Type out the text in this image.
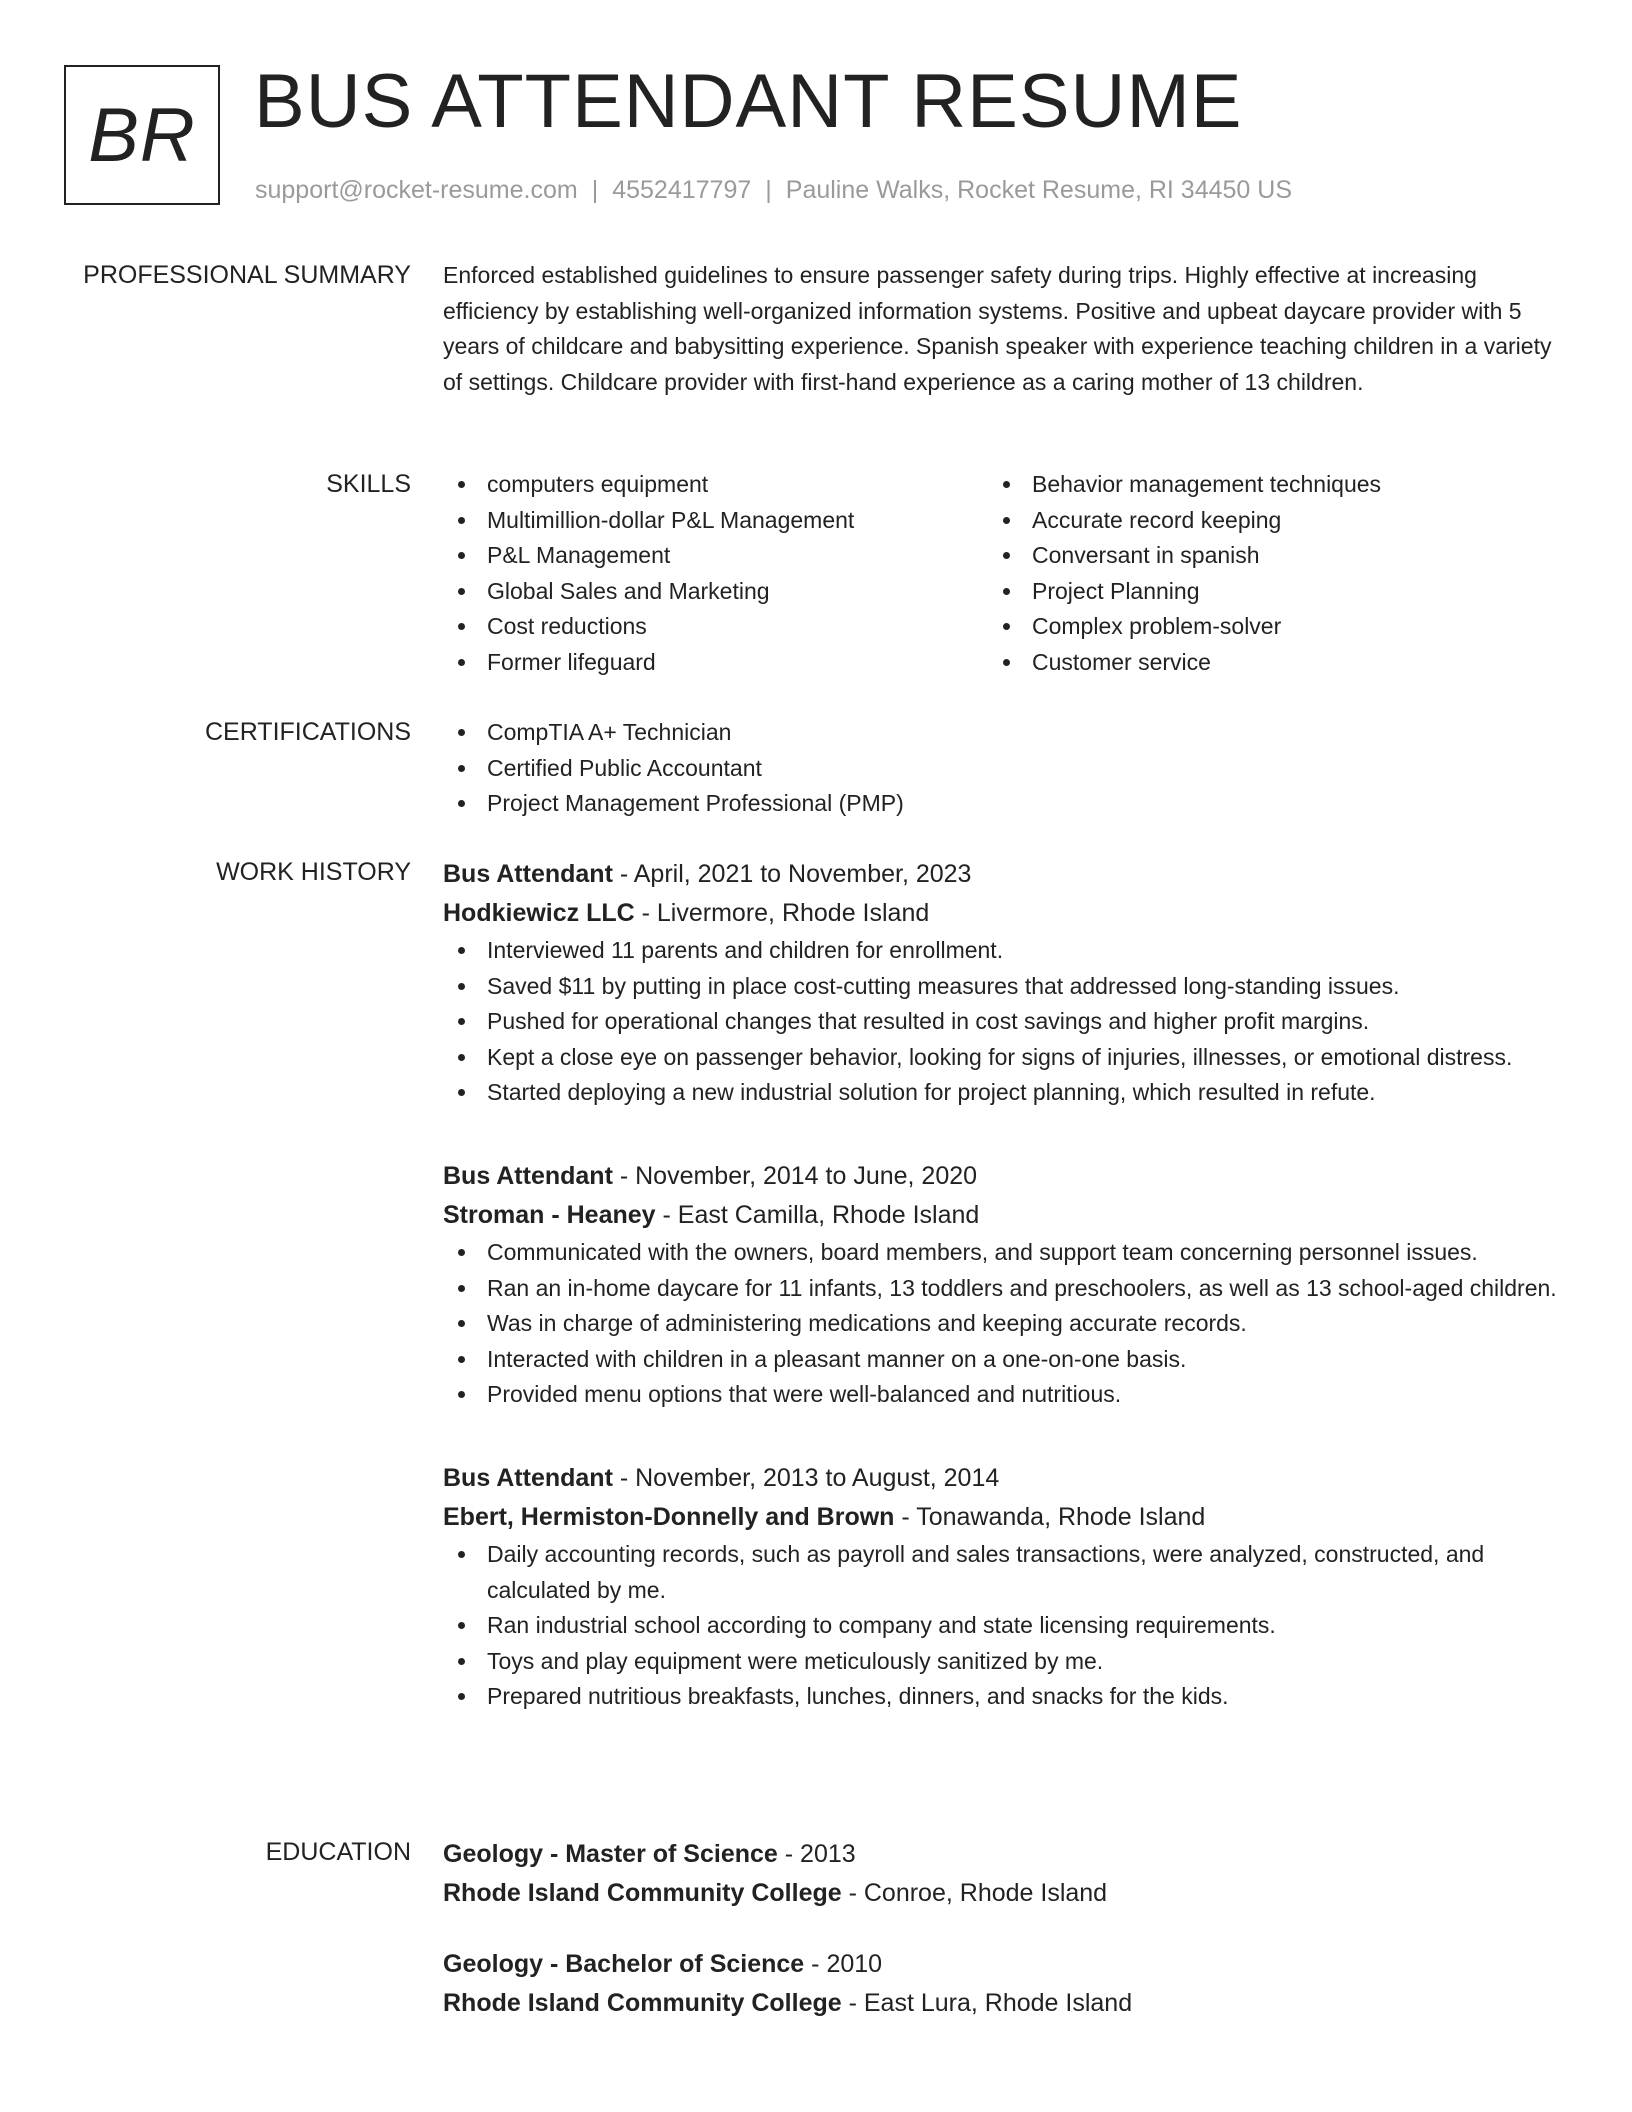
BR BUS ATTENDANT RESUME
support@rocket-resume.com | 4552417797 | Pauline Walks, Rocket Resume, RI 34450 US
PROFESSIONAL SUMMARY Enforced established guidelines to ensure passenger safety during trips. Highly effective at increasing efficiency by establishing well-organized information systems. Positive and upbeat daycare provider with 5 years of childcare and babysitting experience. Spanish speaker with experience teaching children in a variety of settings. Childcare provider with first-hand experience as a caring mother of 13 children.

SKILLS	computers equipment
Multimillion-dollar P&L Management
P&L Management
Global Sales and Marketing
Cost reductions
Former lifeguard
Behavior management techniques
Accurate record keeping
Conversant in spanish
Project Planning
Complex problem-solver
Customer service
CERTIFICATIONS	CompTIA A+ Technician
Certified Public Accountant
Project Management Professional (PMP)
WORK HISTORY Bus Attendant - April, 2021 to November, 2023
Hodkiewicz LLC - Livermore, Rhode Island
Interviewed 11 parents and children for enrollment.
Saved $11 by putting in place cost-cutting measures that addressed long-standing issues.
Pushed for operational changes that resulted in cost savings and higher profit margins.
Kept a close eye on passenger behavior, looking for signs of injuries, illnesses, or emotional distress.
Started deploying a new industrial solution for project planning, which resulted in refute.
Bus Attendant - November, 2014 to June, 2020
Stroman - Heaney - East Camilla, Rhode Island
Communicated with the owners, board members, and support team concerning personnel issues.
Ran an in-home daycare for 11 infants, 13 toddlers and preschoolers, as well as 13 school-aged children.
Was in charge of administering medications and keeping accurate records.
Interacted with children in a pleasant manner on a one-on-one basis.
Provided menu options that were well-balanced and nutritious.
Bus Attendant - November, 2013 to August, 2014
Ebert, Hermiston-Donnelly and Brown - Tonawanda, Rhode Island
Daily accounting records, such as payroll and sales transactions, were analyzed, constructed, and calculated by me.
Ran industrial school according to company and state licensing requirements.
Toys and play equipment were meticulously sanitized by me.
Prepared nutritious breakfasts, lunches, dinners, and snacks for the kids.
EDUCATION Geology - Master of Science - 2013
Rhode Island Community College - Conroe, Rhode Island
Geology - Bachelor of Science - 2010
Rhode Island Community College - East Lura, Rhode Island
